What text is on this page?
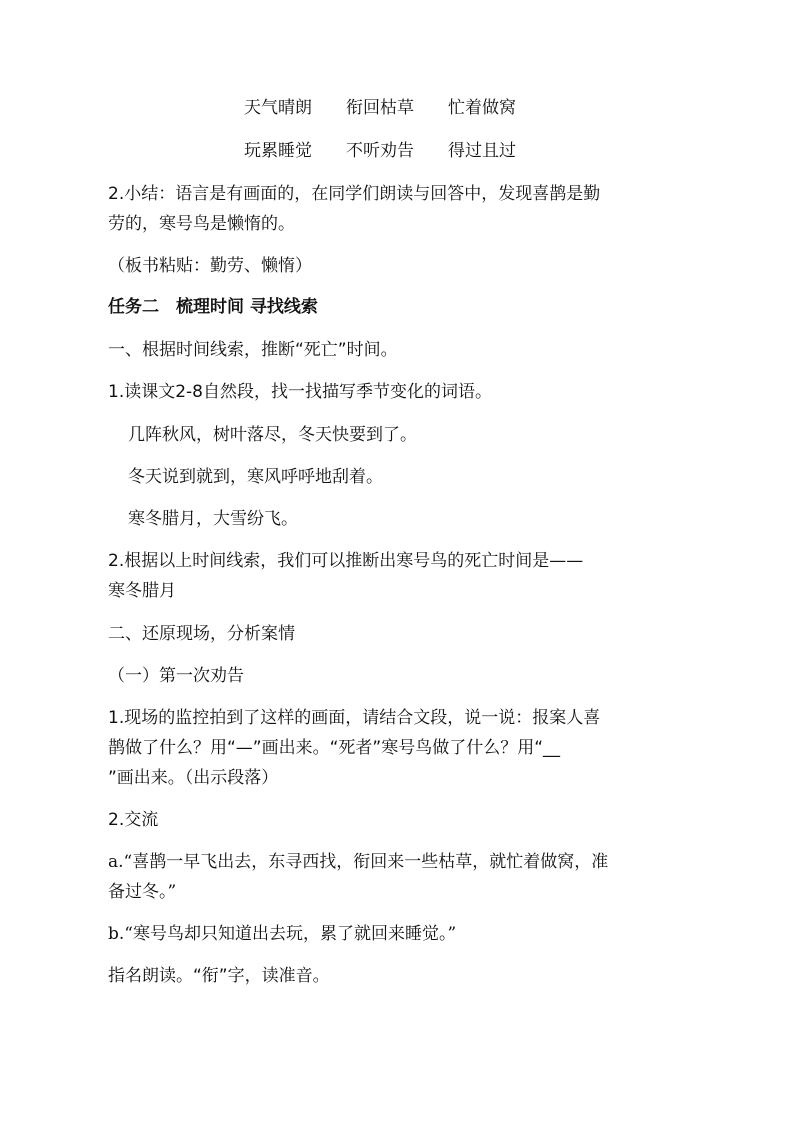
天气晴朗 衔回枯草 忙着做窝
玩累睡觉 不听劝告 得过且过
2.小结：语言是有画面的，在同学们朗读与回答中，发现喜鹊是勤
劳的，寒号鸟是懒惰的。
（板书粘贴：勤劳、懒惰）
任务二　梳理时间 寻找线索
一、根据时间线索，推断“死亡”时间。
1.读课文2-8自然段，找一找描写季节变化的词语。
几阵秋风，树叶落尽，冬天快要到了。
冬天说到就到，寒风呼呼地刮着。
寒冬腊月，大雪纷飞。
2.根据以上时间线索，我们可以推断出寒号鸟的死亡时间是——
寒冬腊月
二、还原现场，分析案情
（一）第一次劝告
1.现场的监控拍到了这样的画面，请结合文段，说一说：报案人喜
鹊做了什么？用“—”画出来。“死者”寒号鸟做了什么？用“__
”画出来。（出示段落）
2.交流
a.“喜鹊一早飞出去，东寻西找，衔回来一些枯草，就忙着做窝，准
备过冬。”
b.“寒号鸟却只知道出去玩，累了就回来睡觉。”
指名朗读。“衔”字，读准音。
